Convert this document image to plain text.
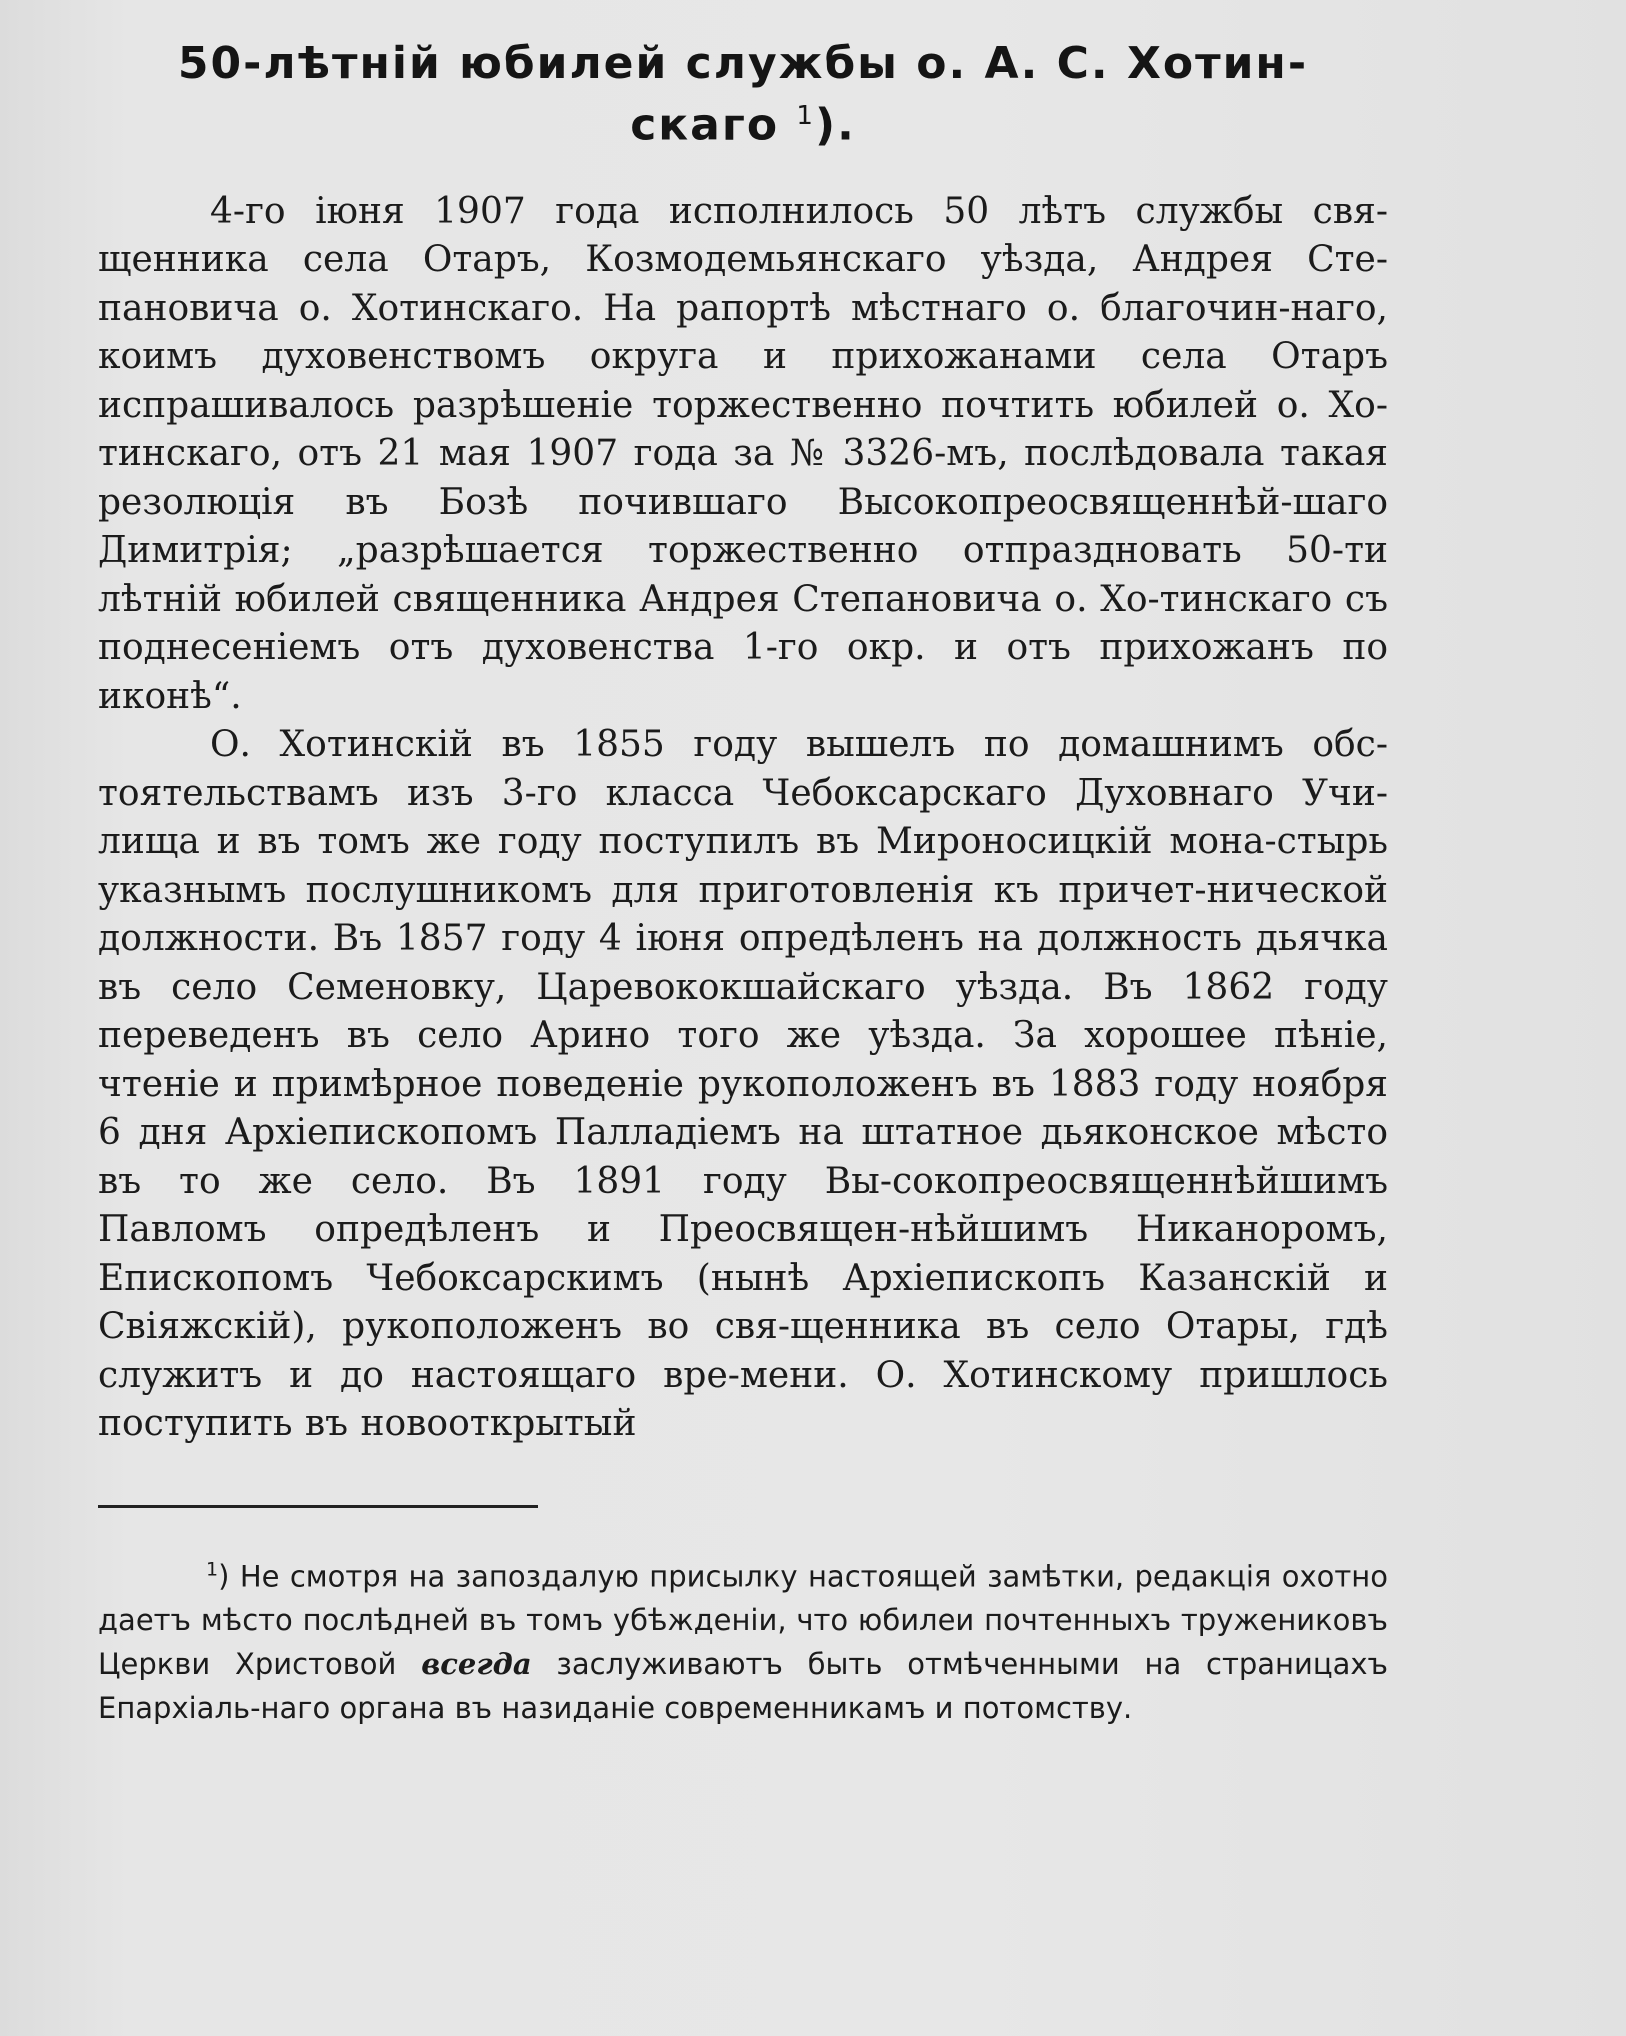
50-лѣтній юбилей службы о. А. С. Хотин-
скаго $^1$).

4-го іюня 1907 года исполнилось 50 лѣтъ службы свя-щенника села Отаръ, Козмодемьянскаго уѣзда, Андрея Сте-пановича о. Хотинскаго. На рапортѣ мѣстнаго о. благочин-наго, коимъ духовенствомъ округа и прихожанами села Отаръ испрашивалось разрѣшеніе торжественно почтить юбилей о. Хо-тинскаго, отъ 21 мая 1907 года за № 3326-мъ, послѣдовала такая резолюція въ Бозѣ почившаго Высокопреосвященнѣй-шаго Димитрія; „разрѣшается торжественно отпраздновать 50-ти лѣтній юбилей священника Андрея Степановича о. Хо-тинскаго съ поднесеніемъ отъ духовенства 1-го окр. и отъ прихожанъ по иконѣ“.

О. Хотинскій въ 1855 году вышелъ по домашнимъ обс-тоятельствамъ изъ 3-го класса Чебоксарскаго Духовнаго Учи-лища и въ томъ же году поступилъ въ Мироносицкій мона-стырь указнымъ послушникомъ для приготовленія къ причет-нической должности. Въ 1857 году 4 іюня опредѣленъ на должность дьячка въ село Семеновку, Царевококшайскаго уѣзда. Въ 1862 году переведенъ въ село Арино того же уѣзда. За хорошее пѣніе, чтеніе и примѣрное поведеніе рукоположенъ въ 1883 году ноября 6 дня Архіепископомъ Палладіемъ на штатное дьяконское мѣсто въ то же село. Въ 1891 году Вы-сокопреосвященнѣйшимъ Павломъ опредѣленъ и Преосвящен-нѣйшимъ Никаноромъ, Епископомъ Чебоксарскимъ (нынѣ Архіепископъ Казанскій и Свіяжскій), рукоположенъ во свя-щенника въ село Отары, гдѣ служитъ и до настоящаго вре-мени. О. Хотинскому пришлось поступить въ новооткрытый

$^1$) Не смотря на запоздалую присылку настоящей замѣтки, редакція охотно даетъ мѣсто послѣдней въ томъ убѣжденіи, что юбилеи почтенныхъ тружениковъ Церкви Христовой всегда заслуживаютъ быть отмѣченными на страницахъ Епархіаль-наго органа въ назиданіе современникамъ и потомству.
